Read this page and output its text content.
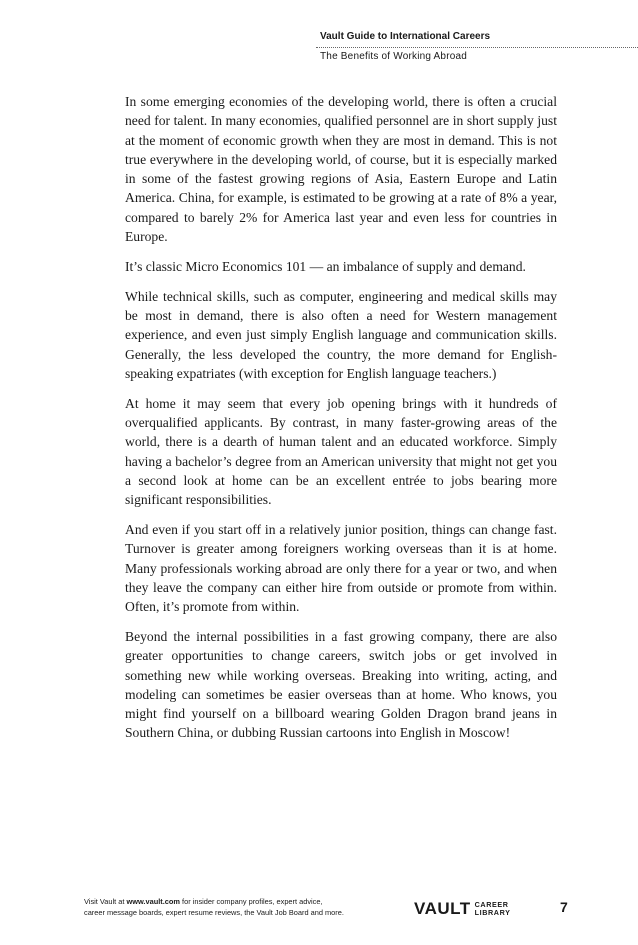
Vault Guide to International Careers
The Benefits of Working Abroad

In some emerging economies of the developing world, there is often a crucial need for talent. In many economies, qualified personnel are in short supply just at the moment of economic growth when they are most in demand. This is not true everywhere in the developing world, of course, but it is especially marked in some of the fastest growing regions of Asia, Eastern Europe and Latin America. China, for example, is estimated to be growing at a rate of 8% a year, compared to barely 2% for America last year and even less for countries in Europe.

It’s classic Micro Economics 101 — an imbalance of supply and demand.

While technical skills, such as computer, engineering and medical skills may be most in demand, there is also often a need for Western management experience, and even just simply English language and communication skills. Generally, the less developed the country, the more demand for English-speaking expatriates (with exception for English language teachers.)

At home it may seem that every job opening brings with it hundreds of overqualified applicants. By contrast, in many faster-growing areas of the world, there is a dearth of human talent and an educated workforce. Simply having a bachelor’s degree from an American university that might not get you a second look at home can be an excellent entrée to jobs bearing more significant responsibilities.

And even if you start off in a relatively junior position, things can change fast. Turnover is greater among foreigners working overseas than it is at home. Many professionals working abroad are only there for a year or two, and when they leave the company can either hire from outside or promote from within. Often, it’s promote from within.

Beyond the internal possibilities in a fast growing company, there are also greater opportunities to change careers, switch jobs or get involved in something new while working overseas. Breaking into writing, acting, and modeling can sometimes be easier overseas than at home. Who knows, you might find yourself on a billboard wearing Golden Dragon brand jeans in Southern China, or dubbing Russian cartoons into English in Moscow!

Visit Vault at www.vault.com for insider company profiles, expert advice,
career message boards, expert resume reviews, the Vault Job Board and more.	VAULT CAREER
LIBRARY	7
